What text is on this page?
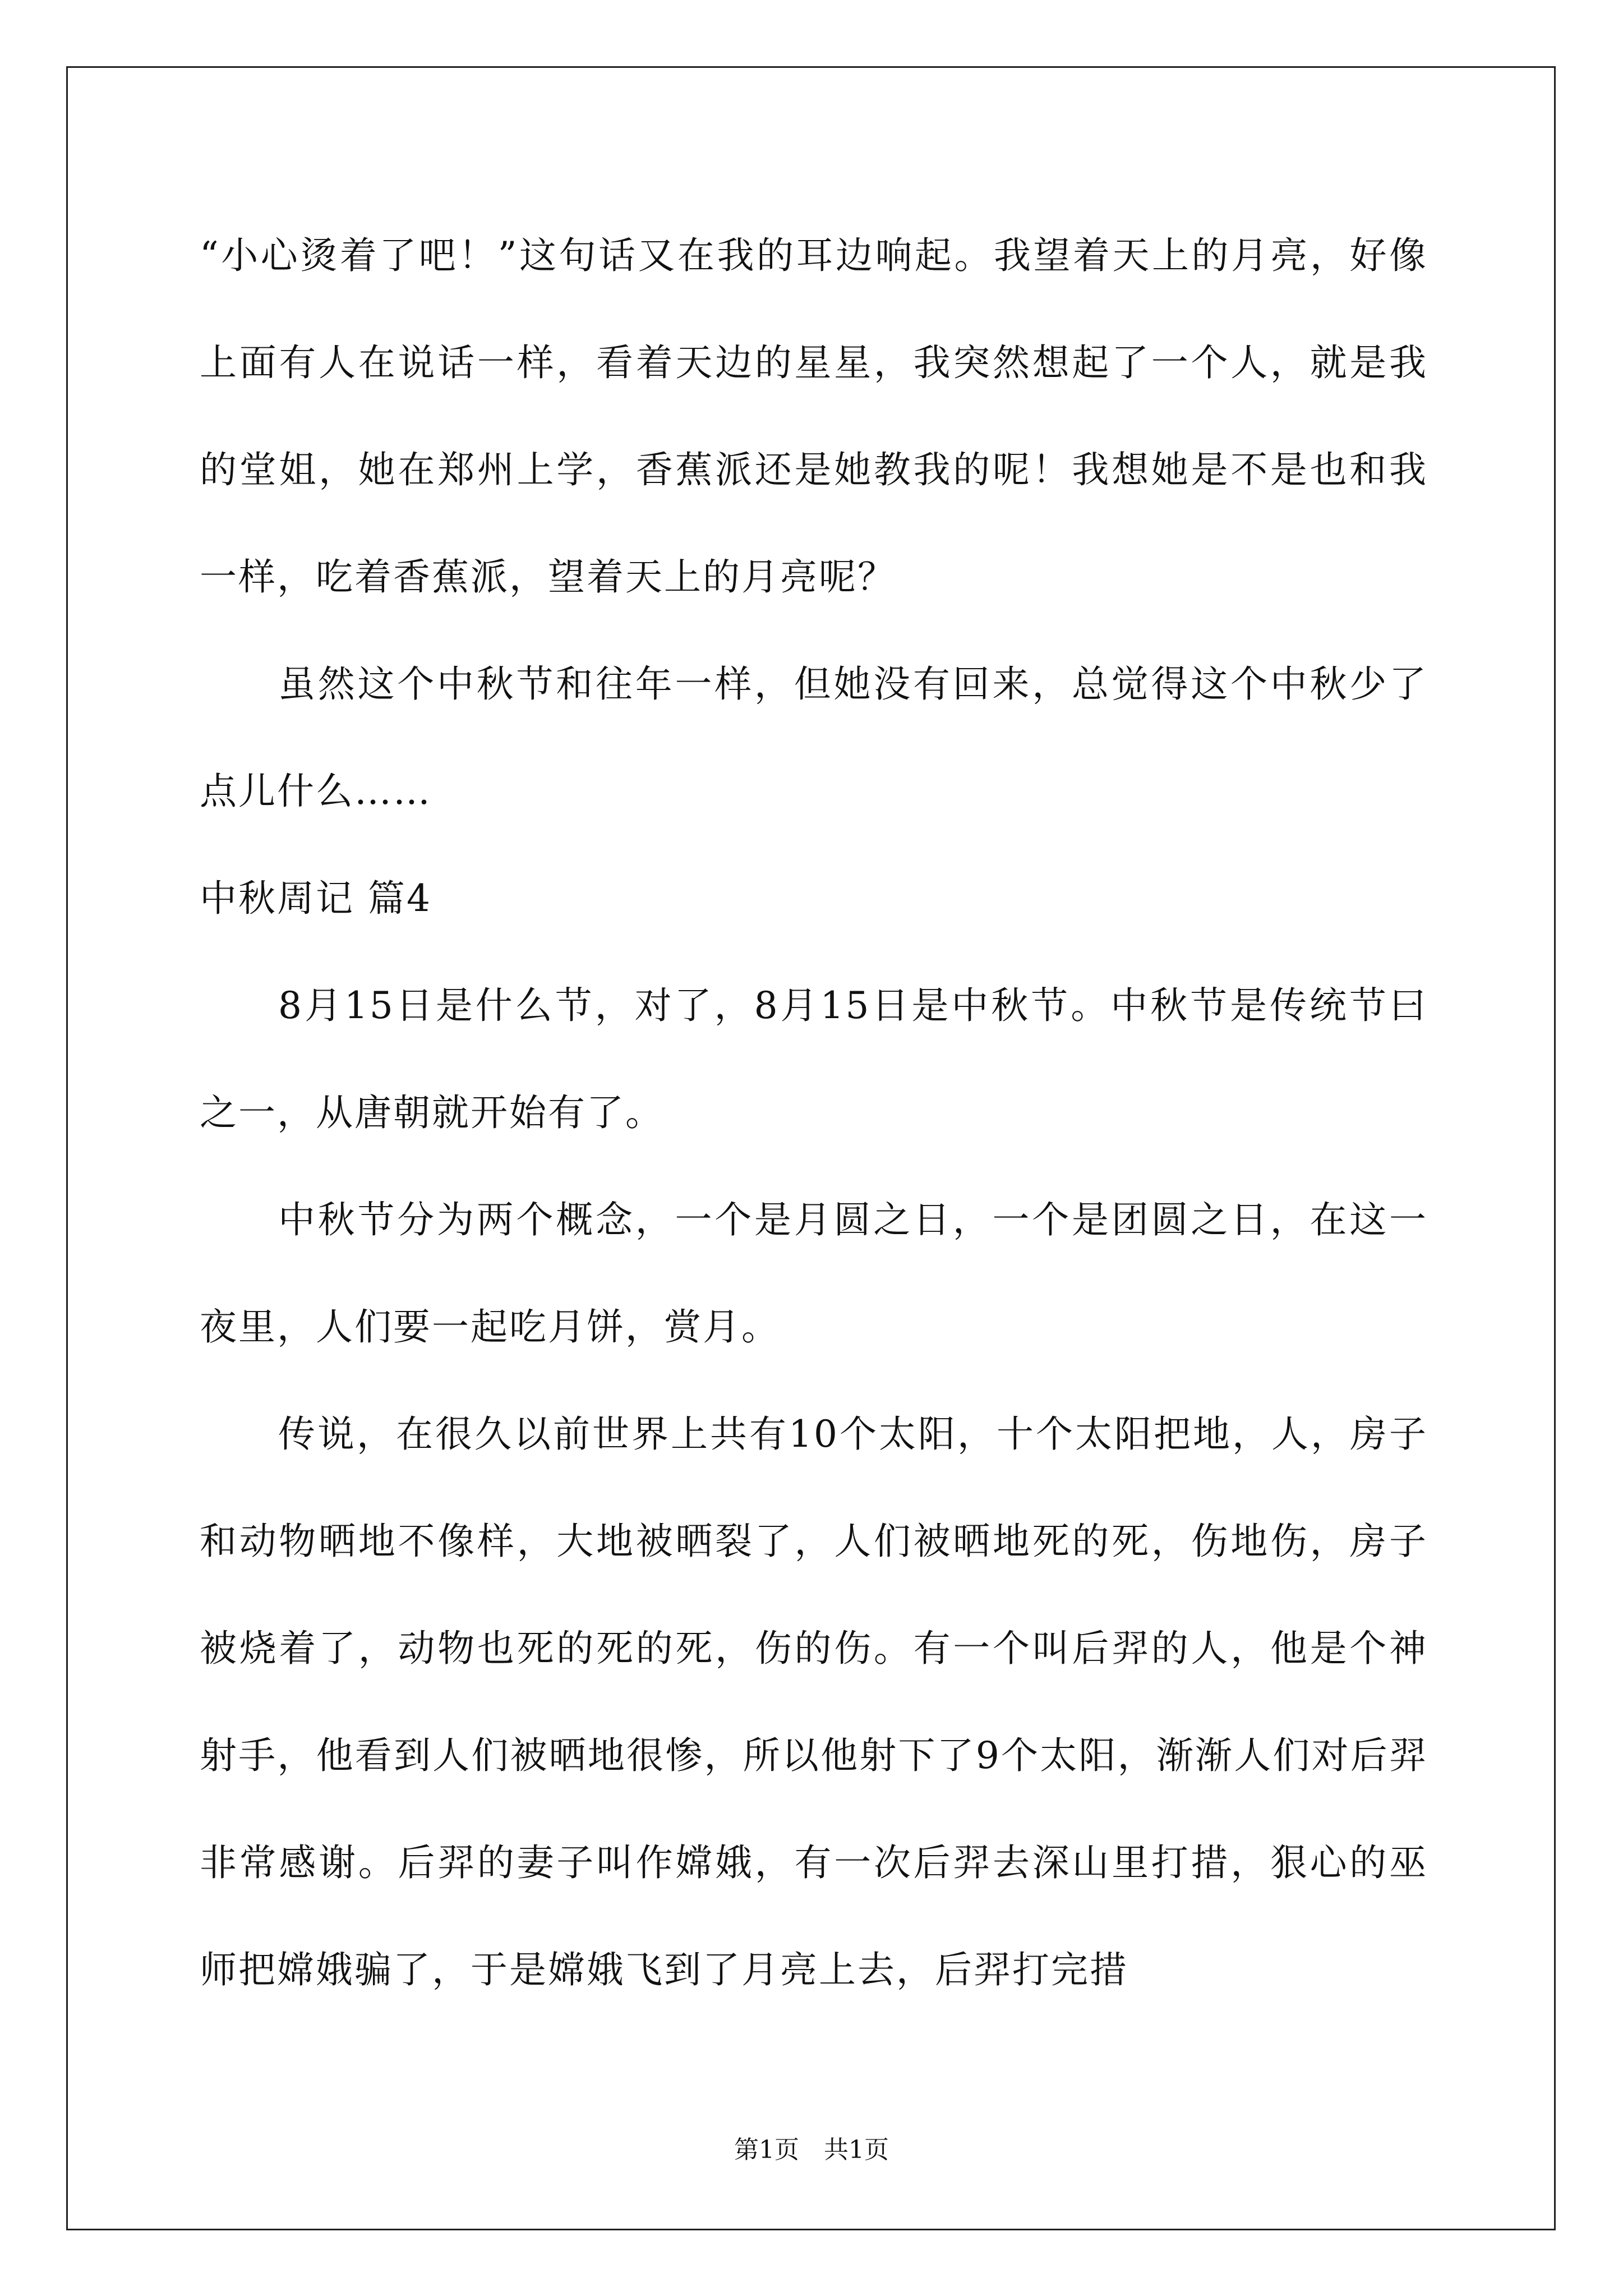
“小心烫着了吧！”这句话又在我的耳边响起。我望着天上的月亮，好像上面有人在说话一样，看着天边的星星，我突然想起了一个人，就是我的堂姐，她在郑州上学，香蕉派还是她教我的呢！我想她是不是也和我一样，吃着香蕉派，望着天上的月亮呢？

虽然这个中秋节和往年一样，但她没有回来，总觉得这个中秋少了点儿什么……

中秋周记 篇4

8月15日是什么节，对了，8月15日是中秋节。中秋节是传统节曰之一，从唐朝就开始有了。

中秋节分为两个概念，一个是月圆之日，一个是团圆之日，在这一夜里，人们要一起吃月饼，赏月。

传说，在很久以前世界上共有10个太阳，十个太阳把地，人，房子和动物晒地不像样，大地被晒裂了，人们被晒地死的死，伤地伤，房子被烧着了，动物也死的死的死，伤的伤。有一个叫后羿的人，他是个神射手，他看到人们被晒地很惨，所以他射下了9个太阳，渐渐人们对后羿非常感谢。后羿的妻子叫作嫦娥，有一次后羿去深山里打措，狠心的巫师把嫦娥骗了，于是嫦娥飞到了月亮上去，后羿打完措

第1页　共1页
